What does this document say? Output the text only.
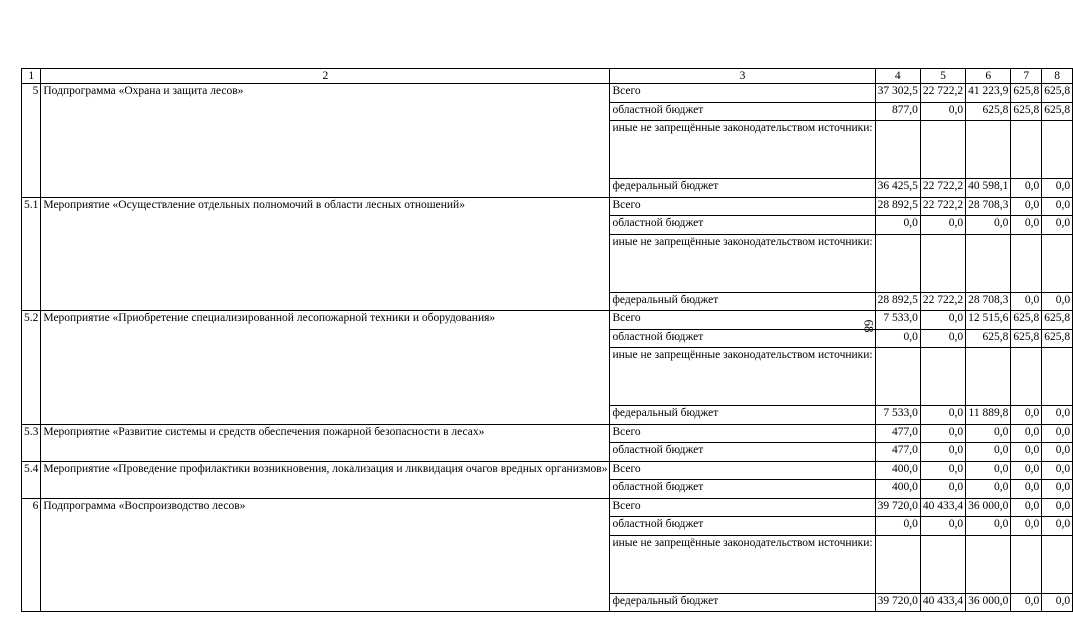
1	2	3	4	5	6	7	8
5	Подпрограмма «Охрана и защита лесов»	Всего	37 302,5	22 722,2	41 223,9	625,8	625,8
		областной бюджет	877,0	0,0	625,8	625,8	625,8
		иные не запрещённые законодательством источники:					
		федеральный бюджет	36 425,5	22 722,2	40 598,1	0,0	0,0
5.1	Мероприятие «Осуществление отдельных полномочий в области лесных отношений»	Всего	28 892,5	22 722,2	28 708,3	0,0	0,0
		областной бюджет	0,0	0,0	0,0	0,0	0,0
		иные не запрещённые законодательством источники:					
		федеральный бюджет	28 892,5	22 722,2	28 708,3	0,0	0,0
5.2	Мероприятие «Приобретение специализированной лесопожарной техники и оборудования»	Всего	7 533,0	0,0	12 515,6	625,8	625,8
		областной бюджет	0,0	0,0	625,8	625,8	625,8
		иные не запрещённые законодательством источники:					
		федеральный бюджет	7 533,0	0,0	11 889,8	0,0	0,0
5.3	Мероприятие «Развитие системы и средств обеспечения пожарной безопасности в лесах»	Всего	477,0	0,0	0,0	0,0	0,0
		областной бюджет	477,0	0,0	0,0	0,0	0,0
5.4	Мероприятие «Проведение профилактики возникновения, локализация и ликвидация очагов вредных организмов»	Всего	400,0	0,0	0,0	0,0	0,0
		областной бюджет	400,0	0,0	0,0	0,0	0,0
6	Подпрограмма «Воспроизводство лесов»	Всего	39 720,0	40 433,4	36 000,0	0,0	0,0
		областной бюджет	0,0	0,0	0,0	0,0	0,0
		иные не запрещённые законодательством источники:					
		федеральный бюджет	39 720,0	40 433,4	36 000,0	0,0	0,0
68
